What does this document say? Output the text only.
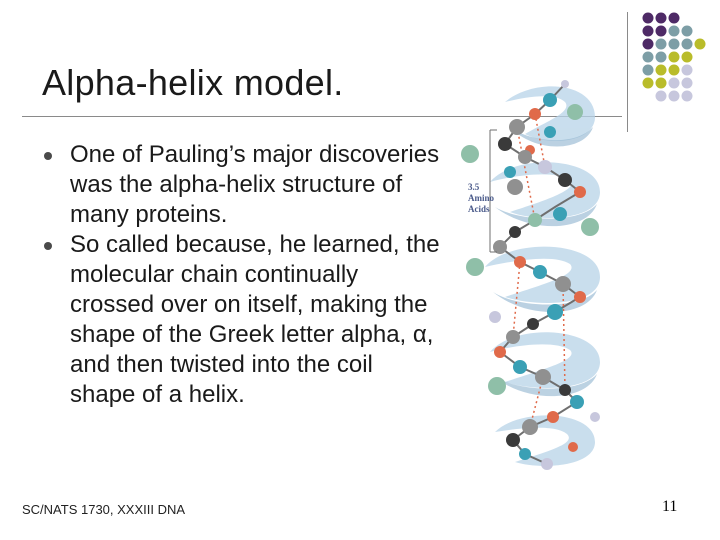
Alpha-helix model.
One of Pauling’s major discoveries was the alpha-helix structure of many proteins.
So called because, he learned, the molecular chain continually crossed over on itself, making the shape of the Greek letter alpha, α, and then twisted into the coil shape of a helix.
3.5
Amino
Acids
SC/NATS 1730, XXXIII DNA	11
